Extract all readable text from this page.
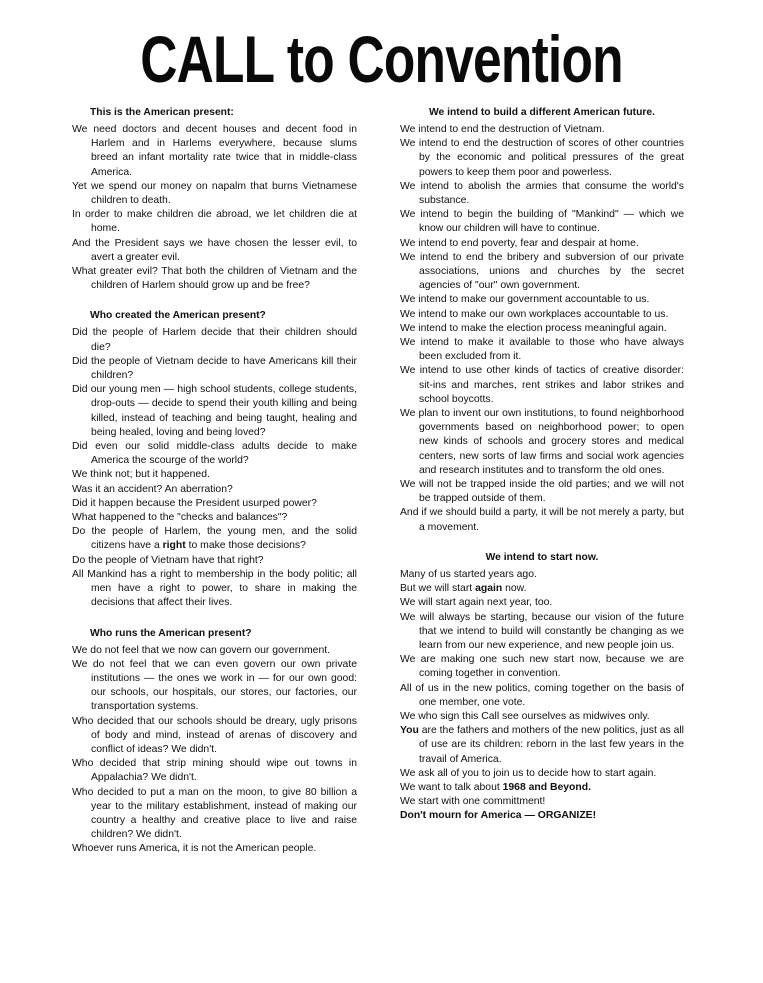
CALL to Convention
This is the American present:

We need doctors and decent houses and decent food in Harlem and in Harlems everywhere, because slums breed an infant mortality rate twice that in middle-class America.

Yet we spend our money on napalm that burns Vietnamese children to death.

In order to make children die abroad, we let children die at home.

And the President says we have chosen the lesser evil, to avert a greater evil.

What greater evil? That both the children of Vietnam and the children of Harlem should grow up and be free?

Who created the American present?

Did the people of Harlem decide that their children should die?

Did the people of Vietnam decide to have Americans kill their children?

Did our young men — high school students, college students, drop-outs — decide to spend their youth killing and being killed, instead of teaching and being taught, healing and being healed, loving and being loved?

Did even our solid middle-class adults decide to make America the scourge of the world?

We think not; but it happened.

Was it an accident? An aberration?

Did it happen because the President usurped power?

What happened to the "checks and balances"?

Do the people of Harlem, the young men, and the solid citizens have a right to make those decisions?

Do the people of Vietnam have that right?

All Mankind has a right to membership in the body politic; all men have a right to power, to share in making the decisions that affect their lives.

Who runs the American present?

We do not feel that we now can govern our government.

We do not feel that we can even govern our own private institutions — the ones we work in — for our own good: our schools, our hospitals, our stores, our factories, our transportation systems.

Who decided that our schools should be dreary, ugly prisons of body and mind, instead of arenas of discovery and conflict of ideas? We didn't.

Who decided that strip mining should wipe out towns in Appalachia? We didn't.

Who decided to put a man on the moon, to give 80 billion a year to the military establishment, instead of making our country a healthy and creative place to live and raise children? We didn't.

Whoever runs America, it is not the American people.

We intend to build a different American future.

We intend to end the destruction of Vietnam.

We intend to end the destruction of scores of other countries by the economic and political pressures of the great powers to keep them poor and powerless.

We intend to abolish the armies that consume the world's substance.

We intend to begin the building of "Mankind" — which we know our children will have to continue.

We intend to end poverty, fear and despair at home.

We intend to end the bribery and subversion of our private associations, unions and churches by the secret agencies of "our" own government.

We intend to make our government accountable to us.

We intend to make our own workplaces accountable to us.

We intend to make the election process meaningful again.

We intend to make it available to those who have always been excluded from it.

We intend to use other kinds of tactics of creative disorder: sit-ins and marches, rent strikes and labor strikes and school boycotts.

We plan to invent our own institutions, to found neighborhood governments based on neighborhood power; to open new kinds of schools and grocery stores and medical centers, new sorts of law firms and social work agencies and research institutes and to transform the old ones.

We will not be trapped inside the old parties; and we will not be trapped outside of them.

And if we should build a party, it will be not merely a party, but a movement.

We intend to start now.

Many of us started years ago.

But we will start again now.

We will start again next year, too.

We will always be starting, because our vision of the future that we intend to build will constantly be changing as we learn from our new experience, and new people join us.

We are making one such new start now, because we are coming together in convention.

All of us in the new politics, coming together on the basis of one member, one vote.

We who sign this Call see ourselves as midwives only.

You are the fathers and mothers of the new politics, just as all of use are its children: reborn in the last few years in the travail of America.

We ask all of you to join us to decide how to start again.

We want to talk about 1968 and Beyond.

We start with one committment!

Don't mourn for America — ORGANIZE!
